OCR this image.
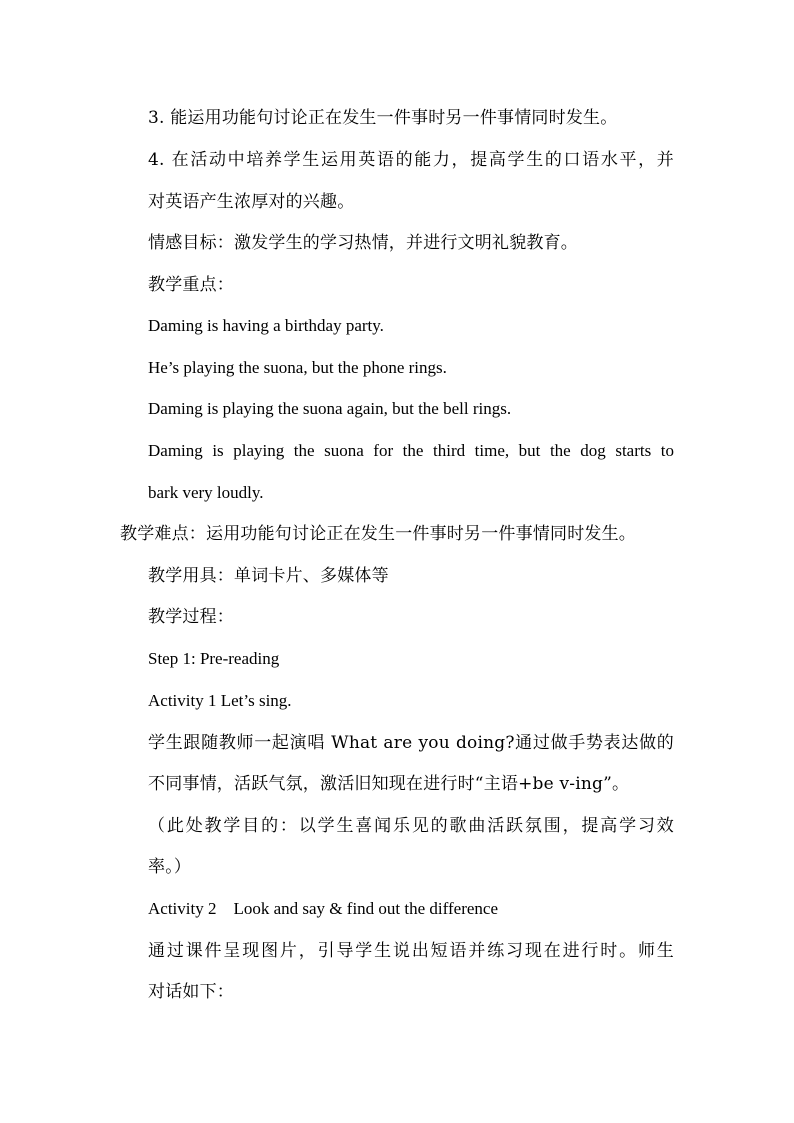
3. 能运用功能句讨论正在发生一件事时另一件事情同时发生。
4. 在活动中培养学生运用英语的能力，提高学生的口语水平，并
对英语产生浓厚对的兴趣。
情感目标：激发学生的学习热情，并进行文明礼貌教育。
教学重点：
Daming is having a birthday party.
He’s playing the suona, but the phone rings.
Daming is playing the suona again, but the bell rings.
Daming is playing the suona for the third time, but the dog starts to
bark very loudly.
教学难点：运用功能句讨论正在发生一件事时另一件事情同时发生。
教学用具：单词卡片、多媒体等
教学过程：
Step 1: Pre-reading
Activity 1 Let’s sing.
学生跟随教师一起演唱 What are you doing?通过做手势表达做的
不同事情，活跃气氛，激活旧知现在进行时“主语+be v-ing”。
（此处教学目的：以学生喜闻乐见的歌曲活跃氛围，提高学习效
率。）
Activity 2    Look and say & find out the difference
通过课件呈现图片，引导学生说出短语并练习现在进行时。师生
对话如下：
